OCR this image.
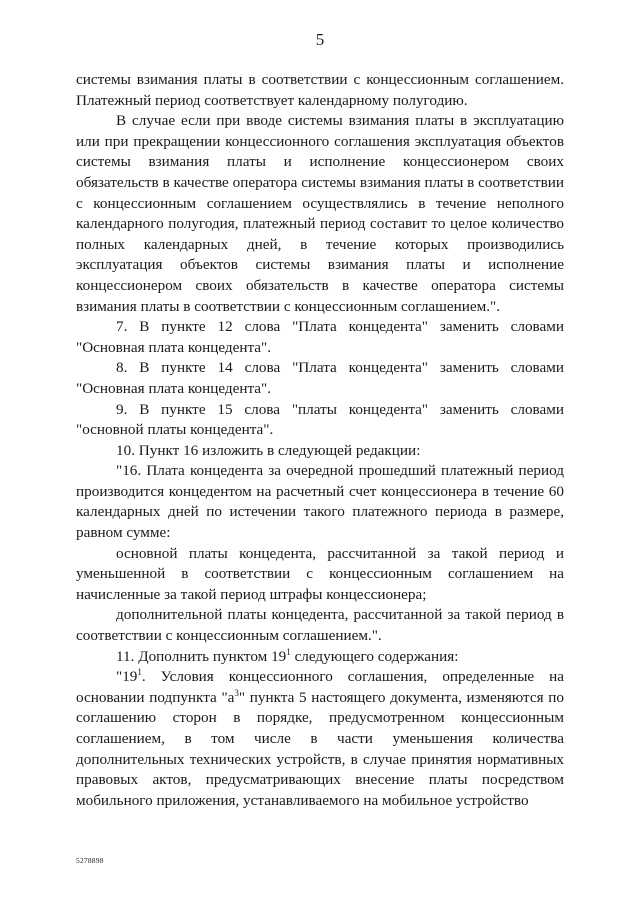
5

системы взимания платы в соответствии с концессионным соглашением. Платежный период соответствует календарному полугодию.

В случае если при вводе системы взимания платы в эксплуатацию или при прекращении концессионного соглашения эксплуатация объектов системы взимания платы и исполнение концессионером своих обязательств в качестве оператора системы взимания платы в соответствии с концессионным соглашением осуществлялись в течение неполного календарного полугодия, платежный период составит то целое количество полных календарных дней, в течение которых производились эксплуатация объектов системы взимания платы и исполнение концессионером своих обязательств в качестве оператора системы взимания платы в соответствии с концессионным соглашением.".

7. В пункте 12 слова "Плата концедента" заменить словами "Основная плата концедента".

8. В пункте 14 слова "Плата концедента" заменить словами "Основная плата концедента".

9. В пункте 15 слова "платы концедента" заменить словами "основной платы концедента".

10. Пункт 16 изложить в следующей редакции:

"16. Плата концедента за очередной прошедший платежный период производится концедентом на расчетный счет концессионера в течение 60 календарных дней по истечении такого платежного периода в размере, равном сумме:

основной платы концедента, рассчитанной за такой период и уменьшенной в соответствии с концессионным соглашением на начисленные за такой период штрафы концессионера;

дополнительной платы концедента, рассчитанной за такой период в соответствии с концессионным соглашением.".

11. Дополнить пунктом $19^1$ следующего содержания:

"$19^1$. Условия концессионного соглашения, определенные на основании подпункта "$а^3$" пункта 5 настоящего документа, изменяются по соглашению сторон в порядке, предусмотренном концессионным соглашением, в том числе в части уменьшения количества дополнительных технических устройств, в случае принятия нормативных правовых актов, предусматривающих внесение платы посредством мобильного приложения, устанавливаемого на мобильное устройство

5278898
